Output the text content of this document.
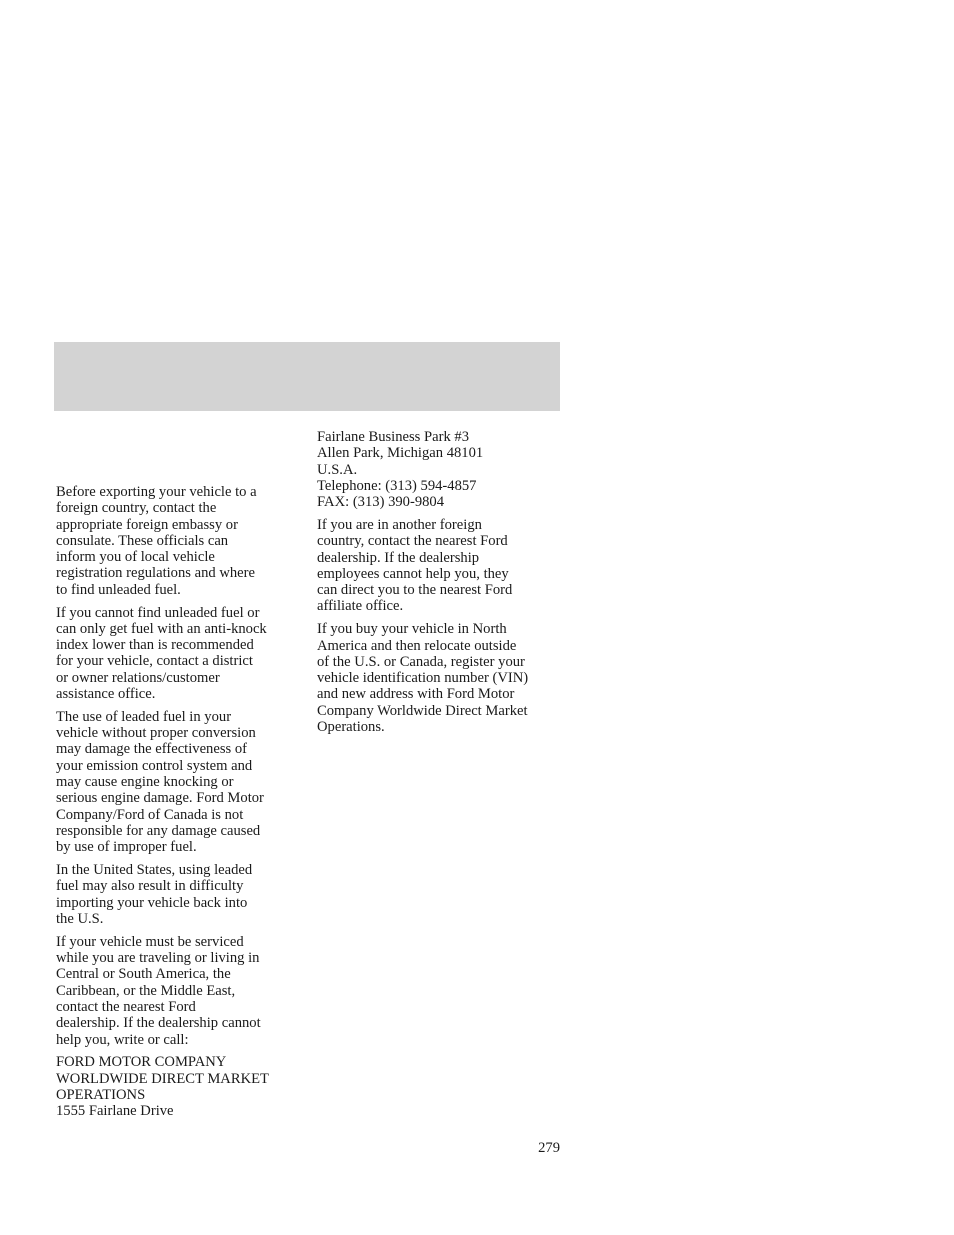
Before exporting your vehicle to a
foreign country, contact the
appropriate foreign embassy or
consulate. These officials can
inform you of local vehicle
registration regulations and where
to find unleaded fuel.

If you cannot find unleaded fuel or
can only get fuel with an anti-knock
index lower than is recommended
for your vehicle, contact a district
or owner relations/customer
assistance office.

The use of leaded fuel in your
vehicle without proper conversion
may damage the effectiveness of
your emission control system and
may cause engine knocking or
serious engine damage. Ford Motor
Company/Ford of Canada is not
responsible for any damage caused
by use of improper fuel.

In the United States, using leaded
fuel may also result in difficulty
importing your vehicle back into
the U.S.

If your vehicle must be serviced
while you are traveling or living in
Central or South America, the
Caribbean, or the Middle East,
contact the nearest Ford
dealership. If the dealership cannot
help you, write or call:

FORD MOTOR COMPANY
WORLDWIDE DIRECT MARKET
OPERATIONS
1555 Fairlane Drive

Fairlane Business Park #3
Allen Park, Michigan 48101
U.S.A.
Telephone: (313) 594-4857
FAX: (313) 390-9804

If you are in another foreign
country, contact the nearest Ford
dealership. If the dealership
employees cannot help you, they
can direct you to the nearest Ford
affiliate office.

If you buy your vehicle in North
America and then relocate outside
of the U.S. or Canada, register your
vehicle identification number (VIN)
and new address with Ford Motor
Company Worldwide Direct Market
Operations.

279
